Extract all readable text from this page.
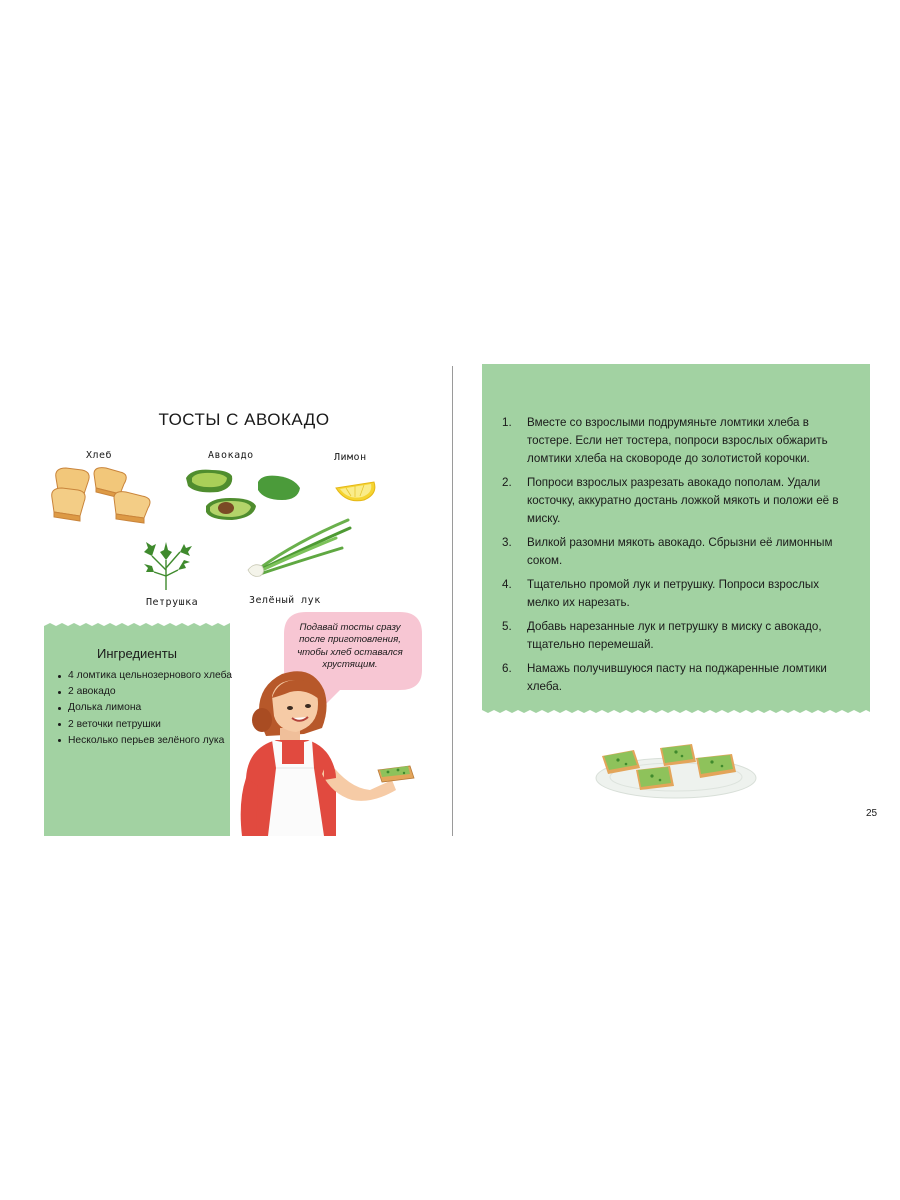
ТОСТЫ С АВОКАДО
Хлеб	Авокадо	Лимон
Петрушка	Зелёный лук
Ингредиенты
4 ломтика цельнозернового хлеба
2 авокадо
Долька лимона
2 веточки петрушки
Несколько перьев зелёного лука
Подавай тосты сразу
после приготовления,
чтобы хлеб оставался
хрустящим.
1. Вместе со взрослыми подрумяньте ломтики хлеба в тостере. Если нет тостера, попроси взрослых обжарить ломтики хлеба на сковороде до золотистой корочки.
2. Попроси взрослых разрезать авокадо пополам. Удали косточку, аккуратно достань ложкой мякоть и положи её в миску.
3. Вилкой разомни мякоть авокадо. Сбрызни её лимонным соком.
4. Тщательно промой лук и петрушку. Попроси взрослых мелко их нарезать.
5. Добавь нарезанные лук и петрушку в миску с авокадо, тщательно перемешай.
6. Намажь получившуюся пасту на поджаренные ломтики хлеба.
25
